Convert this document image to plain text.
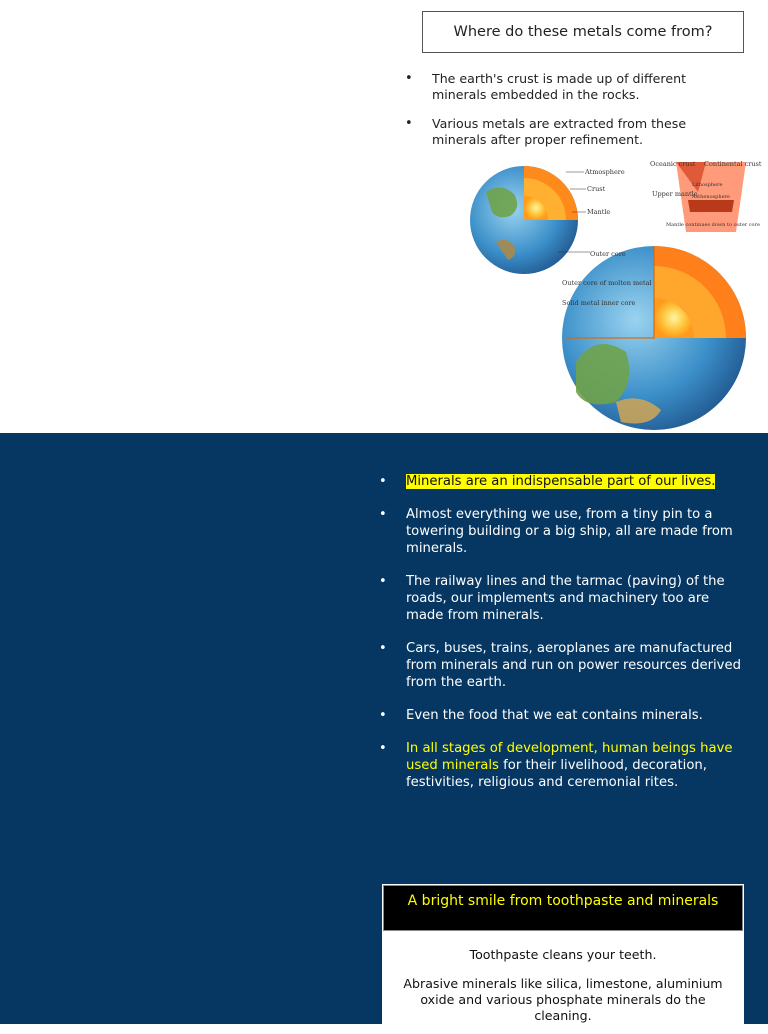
Where do these metals come from?
• The earth's crust is made up of different minerals embedded in the rocks.
• Various metals are extracted from these minerals after proper refinement.
Atmosphere
Crust
Mantle
Outer core
Outer core of molten metal
Solid metal inner core
Oceanic crust Continental crust
Upper mantle
Lithosphere
Asthenosphere
Mantle continues down to outer core
• Minerals are an indispensable part of our lives.
• Almost everything we use, from a tiny pin to a towering building or a big ship, all are made from minerals.
• The railway lines and the tarmac (paving) of the roads, our implements and machinery too are made from minerals.
• Cars, buses, trains, aeroplanes are manufactured from minerals and run on power resources derived from the earth.
• Even the food that we eat contains minerals.
• In all stages of development, human beings have used minerals for their livelihood, decoration, festivities, religious and ceremonial rites.
A bright smile from toothpaste and minerals
Toothpaste cleans your teeth.
Abrasive minerals like silica, limestone, aluminium oxide and various phosphate minerals do the cleaning.
